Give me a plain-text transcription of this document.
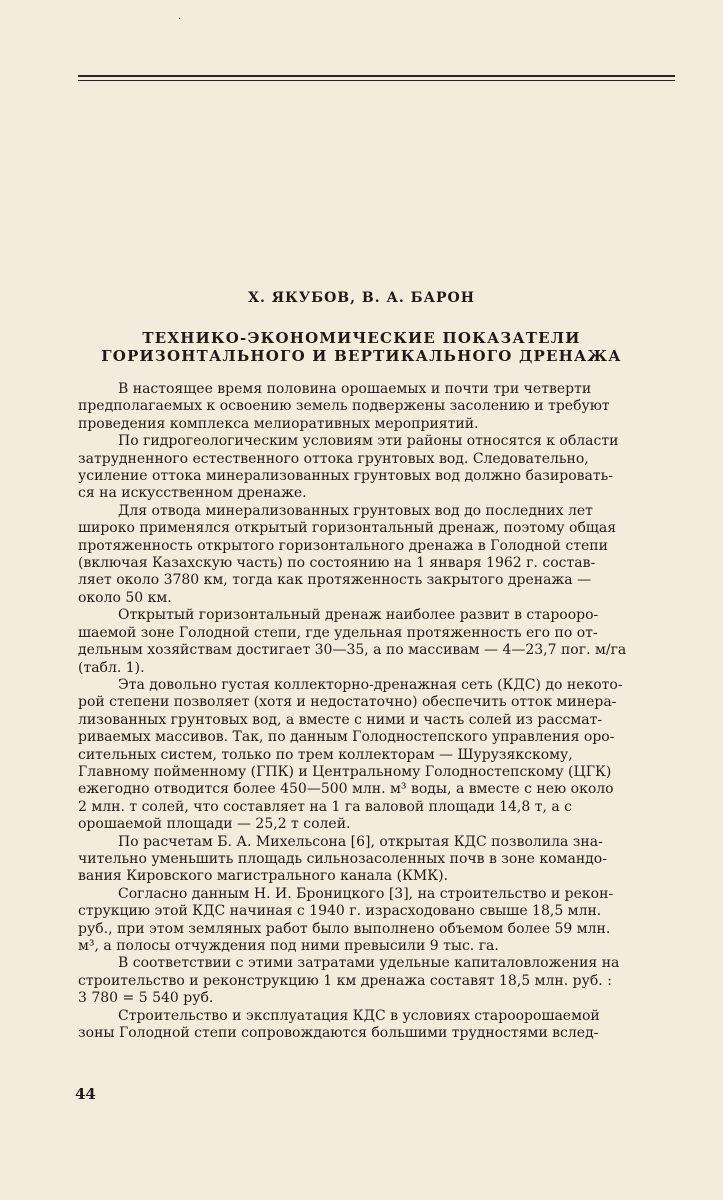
·
Х. ЯКУБОВ, В. А. БАРОН
ТЕХНИКО-ЭКОНОМИЧЕСКИЕ ПОКАЗАТЕЛИ
ГОРИЗОНТАЛЬНОГО И ВЕРТИКАЛЬНОГО ДРЕНАЖА
В настоящее время половина орошаемых и почти три четверти
предполагаемых к освоению земель подвержены засолению и требуют
проведения комплекса мелиоративных мероприятий.
По гидрогеологическим условиям эти районы относятся к области
затрудненного естественного оттока грунтовых вод. Следовательно,
усиление оттока минерализованных грунтовых вод должно базировать-
ся на искусственном дренаже.
Для отвода минерализованных грунтовых вод до последних лет
широко применялся открытый горизонтальный дренаж, поэтому общая
протяженность открытого горизонтального дренажа в Голодной степи
(включая Казахскую часть) по состоянию на 1 января 1962 г. состав-
ляет около 3780 км, тогда как протяженность закрытого дренажа —
около 50 км.
Открытый горизонтальный дренаж наиболее развит в староoро-
шаемой зоне Голодной степи, где удельная протяженность его по от-
дельным хозяйствам достигает 30—35, а по массивам — 4—23,7 пог. м/га
(табл. 1).
Эта довольно густая коллекторно-дренажная сеть (КДС) до некото-
рой степени позволяет (хотя и недостаточно) обеспечить отток минера-
лизованных грунтовых вод, а вместе с ними и часть солей из рассмат-
риваемых массивов. Так, по данным Голодностепского управления оро-
сительных систем, только по трем коллекторам — Шурузякскому,
Главному пойменному (ГПК) и Центральному Голодностепскому (ЦГК)
ежегодно отводится более 450—500 млн. м³ воды, а вместе с нею около
2 млн. т солей, что составляет на 1 га валовой площади 14,8 т, а с
орошаемой площади — 25,2 т солей.
По расчетам Б. А. Михельсона [6], открытая КДС позволила зна-
чительно уменьшить площадь сильнозасоленных почв в зоне командо-
вания Кировского магистрального канала (КМК).
Согласно данным Н. И. Броницкого [3], на строительство и рекон-
струкцию этой КДС начиная с 1940 г. израсходовано свыше 18,5 млн.
руб., при этом земляных работ было выполнено объемом более 59 млн.
м³, а полосы отчуждения под ними превысили 9 тыс. га.
В соответствии с этими затратами удельные капиталовложения на
строительство и реконструкцию 1 км дренажа составят 18,5 млн. руб. :
3 780 = 5 540 руб.
Строительство и эксплуатация КДС в условиях староoрошаемой
зоны Голодной степи сопровождаются большими трудностями вслед-
44
